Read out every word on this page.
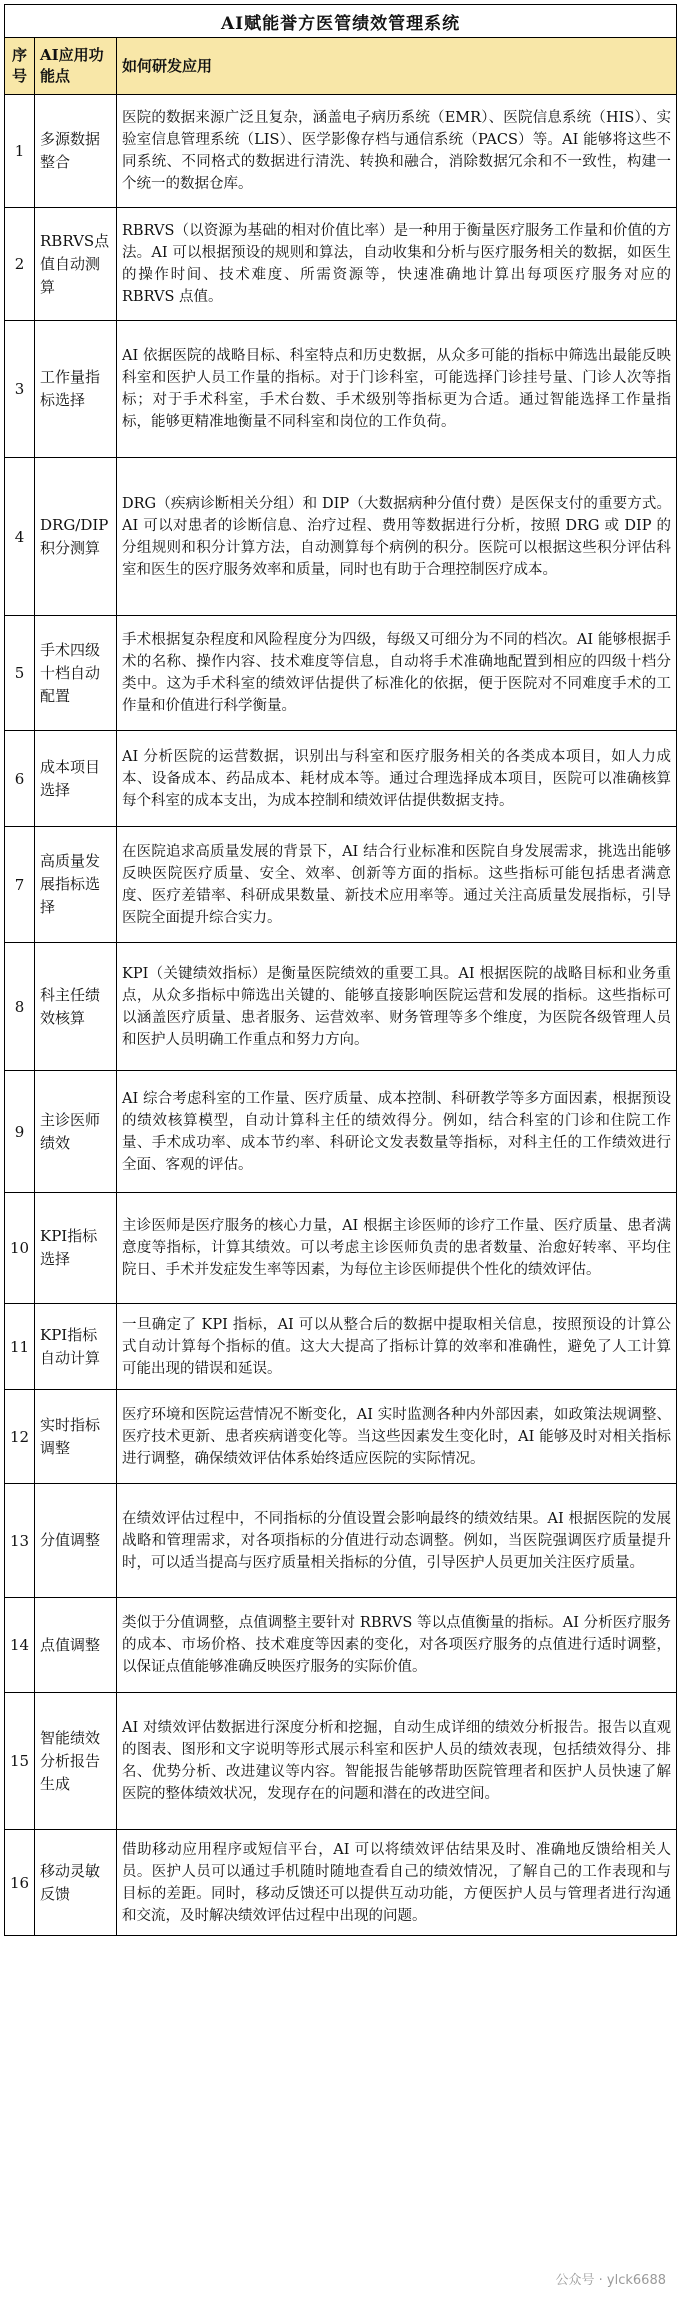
AI赋能誉方医管绩效管理系统		
序号	AI应用功能点	如何研发应用
1	多源数据整合	医院的数据来源广泛且复杂，涵盖电子病历系统（EMR）、医院信息系统（HIS）、实验室信息管理系统（LIS）、医学影像存档与通信系统（PACS）等。AI 能够将这些不同系统、不同格式的数据进行清洗、转换和融合，消除数据冗余和不一致性，构建一个统一的数据仓库。
2	RBRVS点值自动测算	RBRVS（以资源为基础的相对价值比率）是一种用于衡量医疗服务工作量和价值的方法。AI 可以根据预设的规则和算法，自动收集和分析与医疗服务相关的数据，如医生的操作时间、技术难度、所需资源等，快速准确地计算出每项医疗服务对应的 RBRVS 点值。
3	工作量指标选择	AI 依据医院的战略目标、科室特点和历史数据，从众多可能的指标中筛选出最能反映科室和医护人员工作量的指标。对于门诊科室，可能选择门诊挂号量、门诊人次等指标；对于手术科室，手术台数、手术级别等指标更为合适。通过智能选择工作量指标，能够更精准地衡量不同科室和岗位的工作负荷。
4	DRG/DIP积分测算	DRG（疾病诊断相关分组）和 DIP（大数据病种分值付费）是医保支付的重要方式。AI 可以对患者的诊断信息、治疗过程、费用等数据进行分析，按照 DRG 或 DIP 的分组规则和积分计算方法，自动测算每个病例的积分。医院可以根据这些积分评估科室和医生的医疗服务效率和质量，同时也有助于合理控制医疗成本。
5	手术四级十档自动配置	手术根据复杂程度和风险程度分为四级，每级又可细分为不同的档次。AI 能够根据手术的名称、操作内容、技术难度等信息，自动将手术准确地配置到相应的四级十档分类中。这为手术科室的绩效评估提供了标准化的依据，便于医院对不同难度手术的工作量和价值进行科学衡量。
6	成本项目选择	AI 分析医院的运营数据，识别出与科室和医疗服务相关的各类成本项目，如人力成本、设备成本、药品成本、耗材成本等。通过合理选择成本项目，医院可以准确核算每个科室的成本支出，为成本控制和绩效评估提供数据支持。
7	高质量发展指标选择	在医院追求高质量发展的背景下，AI 结合行业标准和医院自身发展需求，挑选出能够反映医院医疗质量、安全、效率、创新等方面的指标。这些指标可能包括患者满意度、医疗差错率、科研成果数量、新技术应用率等。通过关注高质量发展指标，引导医院全面提升综合实力。
8	科主任绩效核算	KPI（关键绩效指标）是衡量医院绩效的重要工具。AI 根据医院的战略目标和业务重点，从众多指标中筛选出关键的、能够直接影响医院运营和发展的指标。这些指标可以涵盖医疗质量、患者服务、运营效率、财务管理等多个维度，为医院各级管理人员和医护人员明确工作重点和努力方向。
9	主诊医师绩效	AI 综合考虑科室的工作量、医疗质量、成本控制、科研教学等多方面因素，根据预设的绩效核算模型，自动计算科主任的绩效得分。例如，结合科室的门诊和住院工作量、手术成功率、成本节约率、科研论文发表数量等指标，对科主任的工作绩效进行全面、客观的评估。
10	KPI指标选择	主诊医师是医疗服务的核心力量，AI 根据主诊医师的诊疗工作量、医疗质量、患者满意度等指标，计算其绩效。可以考虑主诊医师负责的患者数量、治愈好转率、平均住院日、手术并发症发生率等因素，为每位主诊医师提供个性化的绩效评估。
11	KPI指标自动计算	一旦确定了 KPI 指标，AI 可以从整合后的数据中提取相关信息，按照预设的计算公式自动计算每个指标的值。这大大提高了指标计算的效率和准确性，避免了人工计算可能出现的错误和延误。
12	实时指标调整	医疗环境和医院运营情况不断变化，AI 实时监测各种内外部因素，如政策法规调整、医疗技术更新、患者疾病谱变化等。当这些因素发生变化时，AI 能够及时对相关指标进行调整，确保绩效评估体系始终适应医院的实际情况。
13	分值调整	在绩效评估过程中，不同指标的分值设置会影响最终的绩效结果。AI 根据医院的发展战略和管理需求，对各项指标的分值进行动态调整。例如，当医院强调医疗质量提升时，可以适当提高与医疗质量相关指标的分值，引导医护人员更加关注医疗质量。
14	点值调整	类似于分值调整，点值调整主要针对 RBRVS 等以点值衡量的指标。AI 分析医疗服务的成本、市场价格、技术难度等因素的变化，对各项医疗服务的点值进行适时调整，以保证点值能够准确反映医疗服务的实际价值。
15	智能绩效分析报告生成	AI 对绩效评估数据进行深度分析和挖掘，自动生成详细的绩效分析报告。报告以直观的图表、图形和文字说明等形式展示科室和医护人员的绩效表现，包括绩效得分、排名、优势分析、改进建议等内容。智能报告能够帮助医院管理者和医护人员快速了解医院的整体绩效状况，发现存在的问题和潜在的改进空间。
16	移动灵敏反馈	借助移动应用程序或短信平台，AI 可以将绩效评估结果及时、准确地反馈给相关人员。医护人员可以通过手机随时随地查看自己的绩效情况，了解自己的工作表现和与目标的差距。同时，移动反馈还可以提供互动功能，方便医护人员与管理者进行沟通和交流，及时解决绩效评估过程中出现的问题。
公众号 · ylck6688
